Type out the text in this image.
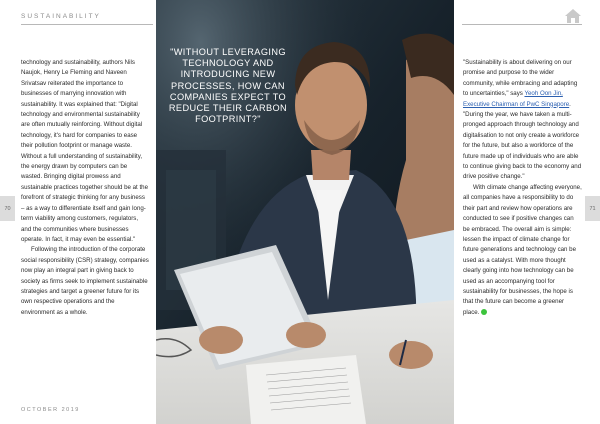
SUSTAINABILITY

technology and sustainability, authors Nils Naujok, Henry Le Fleming and Naveen Srivatsav reiterated the importance to businesses of marrying innovation with sustainability. It was explained that: "Digital technology and environmental sustainability are often mutually reinforcing. Without digital technology, it's hard for companies to ease their pollution footprint or manage waste. Without a full understanding of sustainability, the energy drawn by computers can be wasted. Bringing digital prowess and sustainable practices together should be at the forefront of strategic thinking for any business – as a way to differentiate itself and gain long-term viability among customers, regulators, and the communities where businesses operate. In fact, it may even be essential."

Following the introduction of the corporate social responsibility (CSR) strategy, companies now play an integral part in giving back to society as firms seek to implement sustainable strategies and target a greener future for its own respective operations and the environment as a whole.

"WITHOUT LEVERAGING TECHNOLOGY AND INTRODUCING NEW PROCESSES, HOW CAN COMPANIES EXPECT TO REDUCE THEIR CARBON FOOTPRINT?"

"Sustainability is about delivering on our promise and purpose to the wider community, while embracing and adapting to uncertainties," says Yeoh Oon Jin, Executive Chairman of PwC Singapore. "During the year, we have taken a multi-pronged approach through technology and digitalisation to not only create a workforce for the future, but also a workforce of the future made up of individuals who are able to continue giving back to the economy and drive positive change."

With climate change affecting everyone, all companies have a responsibility to do their part and review how operations are conducted to see if positive changes can be embraced. The overall aim is simple: lessen the impact of climate change for future generations and technology can be used as a catalyst. With more thought clearly going into how technology can be used as an accompanying tool for sustainability for businesses, the hope is that the future can become a greener place.

70	71
OCTOBER 2019
